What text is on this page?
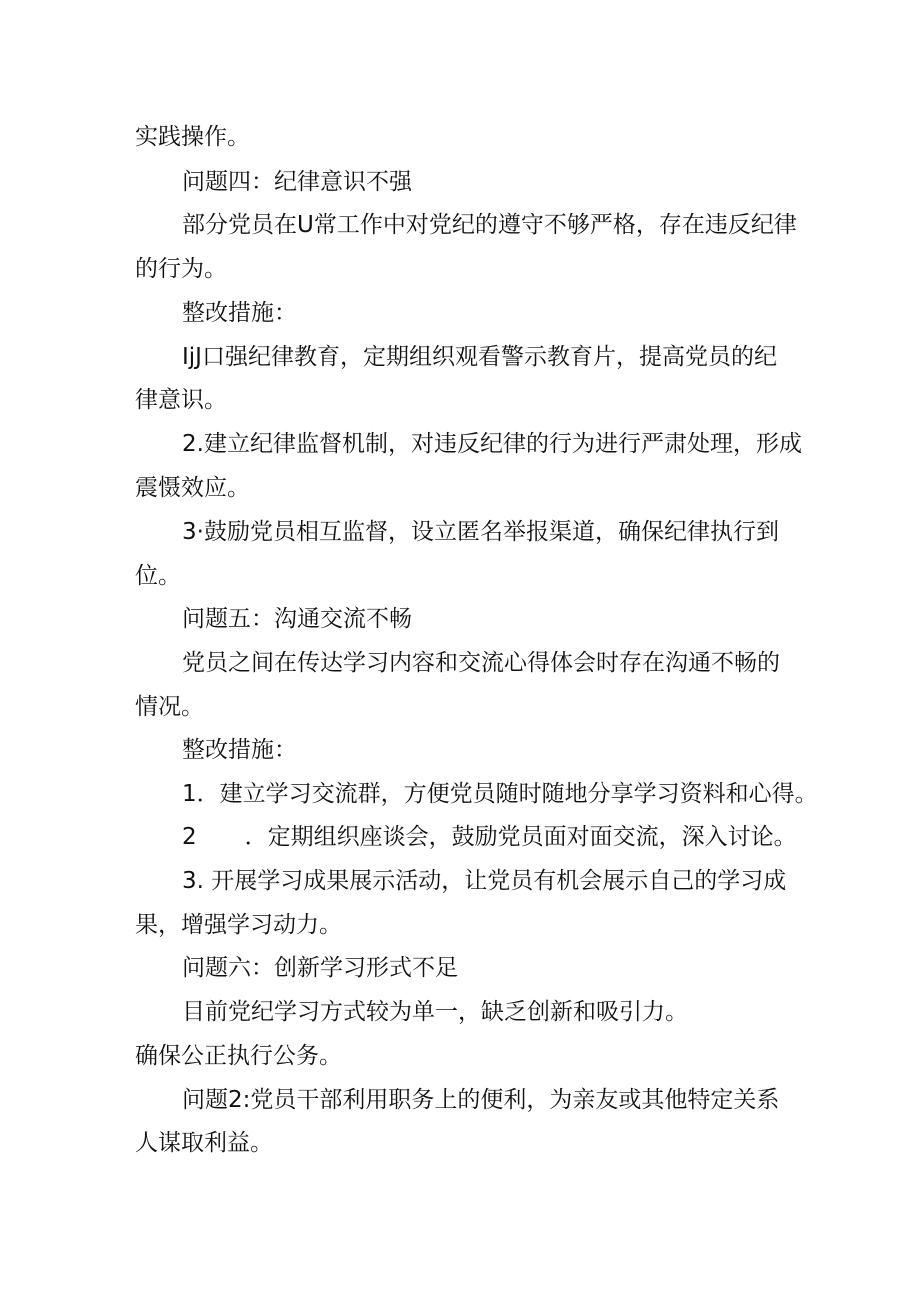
实践操作。
问题四：纪律意识不强
部分党员在U常工作中对党纪的遵守不够严格，存在违反纪律
的行为。
整改措施：
IjJ口强纪律教育，定期组织观看警示教育片，提高党员的纪
律意识。
2.建立纪律监督机制，对违反纪律的行为进行严肃处理，形成
震慑效应。
3·鼓励党员相互监督，设立匿名举报渠道，确保纪律执行到
位。
问题五：沟通交流不畅
党员之间在传达学习内容和交流心得体会时存在沟通不畅的
情况。
整改措施：
1．建立学习交流群，方便党员随时随地分享学习资料和心得。
2 ．定期组织座谈会，鼓励党员面对面交流，深入讨论。
3. 开展学习成果展示活动，让党员有机会展示自己的学习成
果，增强学习动力。
问题六：创新学习形式不足
目前党纪学习方式较为单一，缺乏创新和吸引力。
确保公正执行公务。
问题2:党员干部利用职务上的便利，为亲友或其他特定关系
人谋取利益。
